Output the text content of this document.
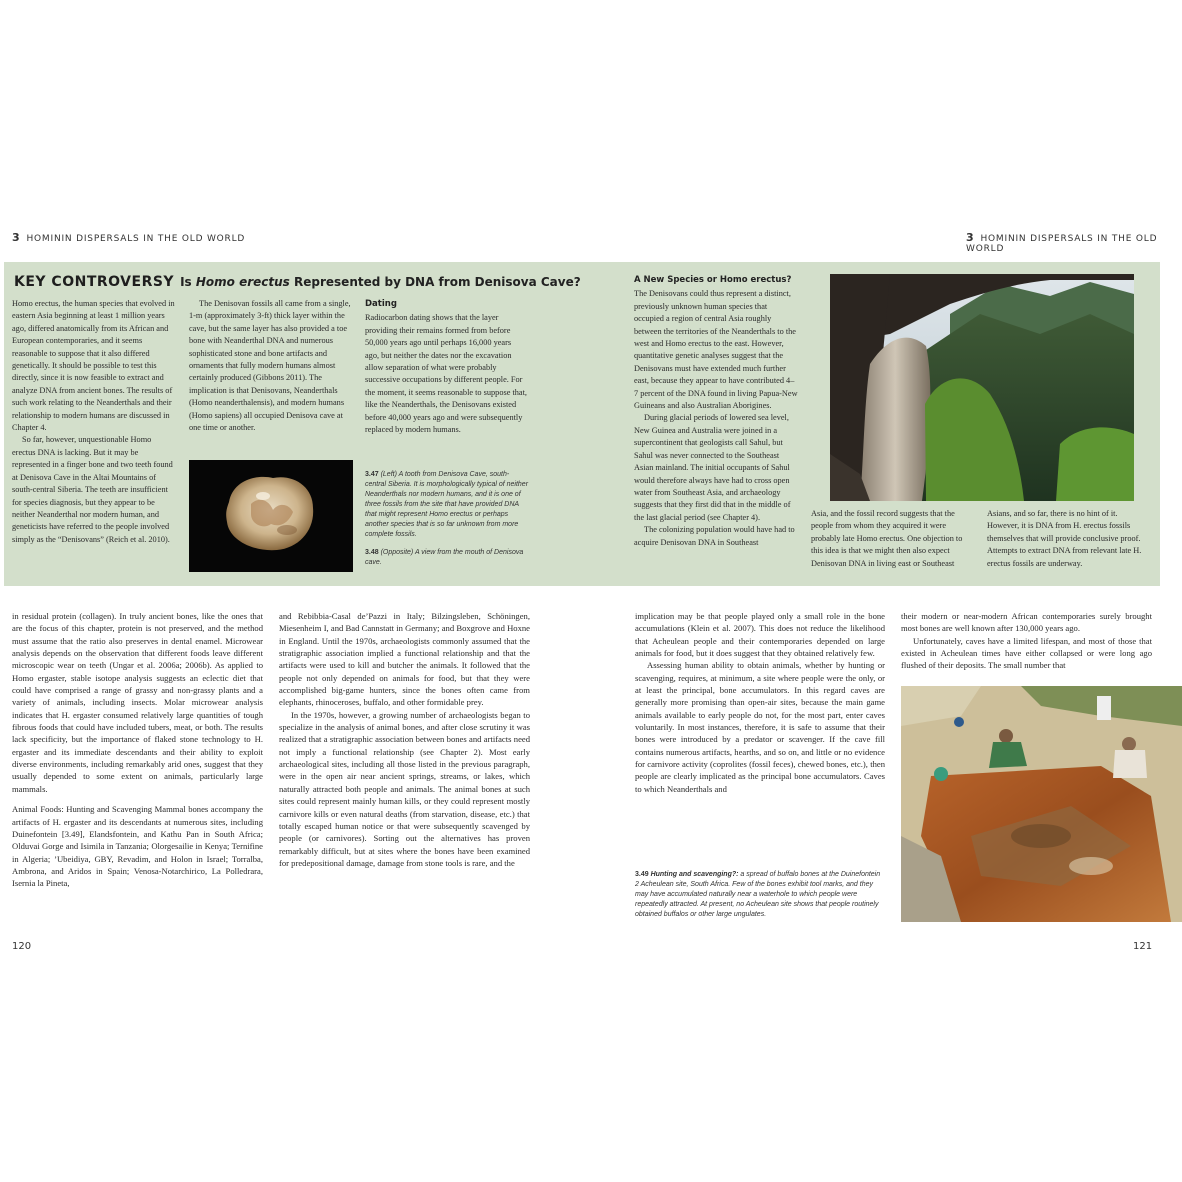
3 HOMININ DISPERSALS IN THE OLD WORLD	3 HOMININ DISPERSALS IN THE OLD WORLD
KEY CONTROVERSY Is Homo erectus Represented by DNA from Denisova Cave?

Homo erectus, the human species that evolved in eastern Asia beginning at least 1 million years ago, differed anatomically from its African and European contemporaries, and it seems reasonable to suppose that it also differed genetically. It should be possible to test this directly, since it is now feasible to extract and analyze DNA from ancient bones. The results of such work relating to the Neanderthals and their relationship to modern humans are discussed in Chapter 4.

So far, however, unquestionable Homo erectus DNA is lacking. But it may be represented in a finger bone and two teeth found at Denisova Cave in the Altai Mountains of south-central Siberia. The teeth are insufficient for species diagnosis, but they appear to be neither Neanderthal nor modern human, and geneticists have referred to the people involved simply as the “Denisovans” (Reich et al. 2010).

The Denisovan fossils all came from a single, 1-m (approximately 3-ft) thick layer within the cave, but the same layer has also provided a toe bone with Neanderthal DNA and numerous sophisticated stone and bone artifacts and ornaments that fully modern humans almost certainly produced (Gibbons 2011). The implication is that Denisovans, Neanderthals (Homo neanderthalensis), and modern humans (Homo sapiens) all occupied Denisova cave at one time or another.

Dating

Radiocarbon dating shows that the layer providing their remains formed from before 50,000 years ago until perhaps 16,000 years ago, but neither the dates nor the excavation allow separation of what were probably successive occupations by different people. For the moment, it seems reasonable to suppose that, like the Neanderthals, the Denisovans existed before 40,000 years ago and were subsequently replaced by modern humans.

3.47 (Left) A tooth from Denisova Cave, south-central Siberia. It is morphologically typical of neither Neanderthals nor modern humans, and it is one of three fossils from the site that have provided DNA that might represent Homo erectus or perhaps another species that is so far unknown from more complete fossils.
3.48 (Opposite) A view from the mouth of Denisova cave.
A New Species or Homo erectus?

The Denisovans could thus represent a distinct, previously unknown human species that occupied a region of central Asia roughly between the territories of the Neanderthals to the west and Homo erectus to the east. However, quantitative genetic analyses suggest that the Denisovans must have extended much further east, because they appear to have contributed 4–7 percent of the DNA found in living Papua-New Guineans and also Australian Aborigines.

During glacial periods of lowered sea level, New Guinea and Australia were joined in a supercontinent that geologists call Sahul, but Sahul was never connected to the Southeast Asian mainland. The initial occupants of Sahul would therefore always have had to cross open water from Southeast Asia, and archaeology suggests that they first did that in the middle of the last glacial period (see Chapter 4).

The colonizing population would have had to acquire Denisovan DNA in Southeast

Asia, and the fossil record suggests that the people from whom they acquired it were probably late Homo erectus. One objection to this idea is that we might then also expect Denisovan DNA in living east or Southeast

Asians, and so far, there is no hint of it. However, it is DNA from H. erectus fossils themselves that will provide conclusive proof. Attempts to extract DNA from relevant late H. erectus fossils are underway.

in residual protein (collagen). In truly ancient bones, like the ones that are the focus of this chapter, protein is not preserved, and the method must assume that the ratio also preserves in dental enamel. Microwear analysis depends on the observation that different foods leave different microscopic wear on teeth (Ungar et al. 2006a; 2006b). As applied to Homo ergaster, stable isotope analysis suggests an eclectic diet that could have comprised a range of grassy and non-grassy plants and a variety of animals, including insects. Molar microwear analysis indicates that H. ergaster consumed relatively large quantities of tough fibrous foods that could have included tubers, meat, or both. The results lack specificity, but the importance of flaked stone technology to H. ergaster and its immediate descendants and their ability to exploit diverse environments, including remarkably arid ones, suggest that they usually depended to some extent on animals, particularly large mammals.

Animal Foods: Hunting and Scavenging Mammal bones accompany the artifacts of H. ergaster and its descendants at numerous sites, including Duinefontein [3.49], Elandsfontein, and Kathu Pan in South Africa; Olduvai Gorge and Isimila in Tanzania; Olorgesailie in Kenya; Ternifine in Algeria; ’Ubeidiya, GBY, Revadim, and Holon in Israel; Torralba, Ambrona, and Aridos in Spain; Venosa-Notarchirico, La Polledrara, Isernia la Pineta,

and Rebibbia-Casal de’Pazzi in Italy; Bilzingsleben, Schöningen, Miesenheim I, and Bad Cannstatt in Germany; and Boxgrove and Hoxne in England. Until the 1970s, archaeologists commonly assumed that the stratigraphic association implied a functional relationship and that the artifacts were used to kill and butcher the animals. It followed that the people not only depended on animals for food, but that they were accomplished big-game hunters, since the bones often came from elephants, rhinoceroses, buffalo, and other formidable prey.

In the 1970s, however, a growing number of archaeologists began to specialize in the analysis of animal bones, and after close scrutiny it was realized that a stratigraphic association between bones and artifacts need not imply a functional relationship (see Chapter 2). Most early archaeological sites, including all those listed in the previous paragraph, were in the open air near ancient springs, streams, or lakes, which naturally attracted both people and animals. The animal bones at such sites could represent mainly human kills, or they could represent mostly carnivore kills or even natural deaths (from starvation, disease, etc.) that totally escaped human notice or that were subsequently scavenged by people (or carnivores). Sorting out the alternatives has proven remarkably difficult, but at sites where the bones have been examined for predepositional damage, damage from stone tools is rare, and the

implication may be that people played only a small role in the bone accumulations (Klein et al. 2007). This does not reduce the likelihood that Acheulean people and their contemporaries depended on large animals for food, but it does suggest that they obtained relatively few.

Assessing human ability to obtain animals, whether by hunting or scavenging, requires, at minimum, a site where people were the only, or at least the principal, bone accumulators. In this regard caves are generally more promising than open-air sites, because the main game animals available to early people do not, for the most part, enter caves voluntarily. In most instances, therefore, it is safe to assume that their bones were introduced by a predator or scavenger. If the cave fill contains numerous artifacts, hearths, and so on, and little or no evidence for carnivore activity (coprolites (fossil feces), chewed bones, etc.), then people are clearly implicated as the principal bone accumulators. Caves to which Neanderthals and

their modern or near-modern African contemporaries surely brought most bones are well known after 130,000 years ago.

Unfortunately, caves have a limited lifespan, and most of those that existed in Acheulean times have either collapsed or were long ago flushed of their deposits. The small number that

3.49 Hunting and scavenging?: a spread of buffalo bones at the Duinefontein 2 Acheulean site, South Africa. Few of the bones exhibit tool marks, and they may have accumulated naturally near a waterhole to which people were repeatedly attracted. At present, no Acheulean site shows that people routinely obtained buffalos or other large ungulates.
120	121
